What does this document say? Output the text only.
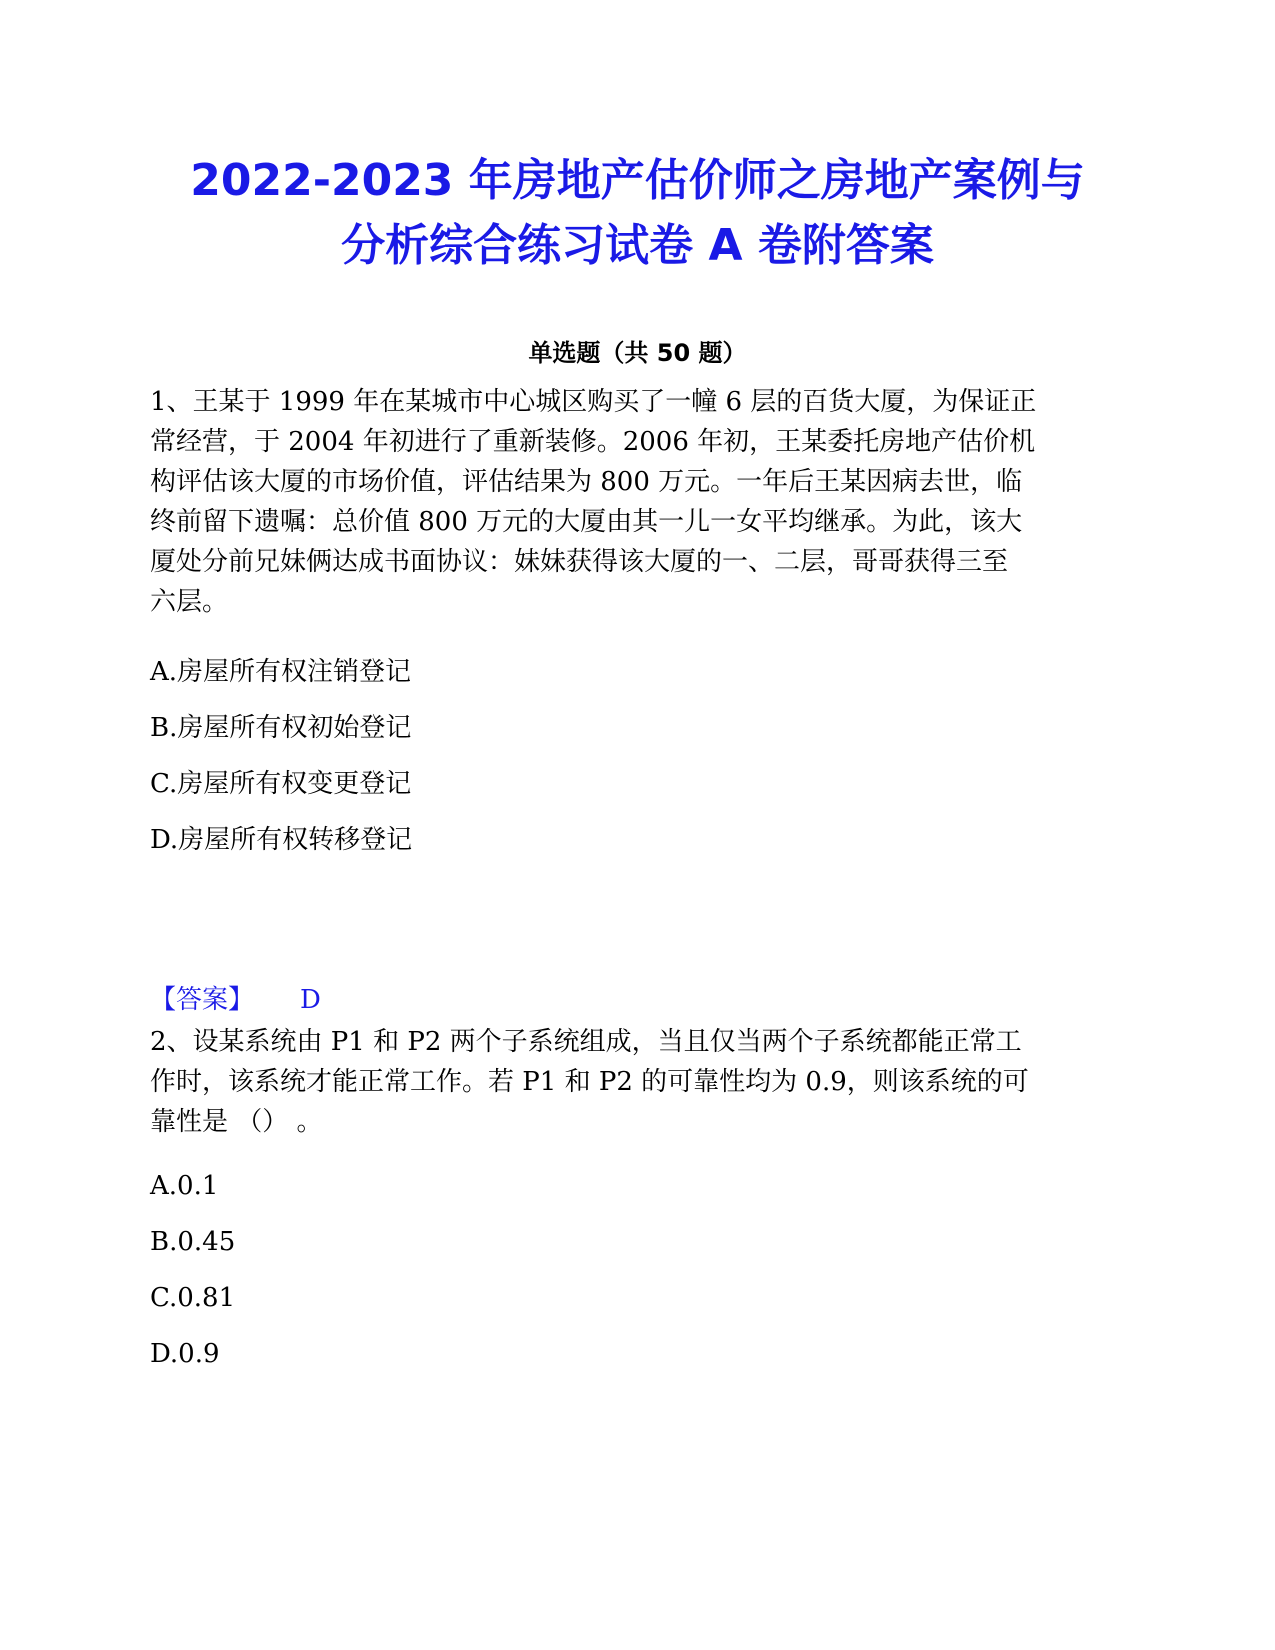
2022-2023 年房地产估价师之房地产案例与
分析综合练习试卷 A 卷附答案
单选题（共 50 题）
1、王某于 1999 年在某城市中心城区购买了一幢 6 层的百货大厦，为保证正
常经营，于 2004 年初进行了重新装修。2006 年初，王某委托房地产估价机
构评估该大厦的市场价值，评估结果为 800 万元。一年后王某因病去世，临
终前留下遗嘱：总价值 800 万元的大厦由其一儿一女平均继承。为此，该大
厦处分前兄妹俩达成书面协议：妹妹获得该大厦的一、二层，哥哥获得三至
六层。
A.房屋所有权注销登记
B.房屋所有权初始登记
C.房屋所有权变更登记
D.房屋所有权转移登记
【答案】 D
2、设某系统由 P1 和 P2 两个子系统组成，当且仅当两个子系统都能正常工
作时，该系统才能正常工作。若 P1 和 P2 的可靠性均为 0.9，则该系统的可
靠性是 （） 。
A.0.1
B.0.45
C.0.81
D.0.9
